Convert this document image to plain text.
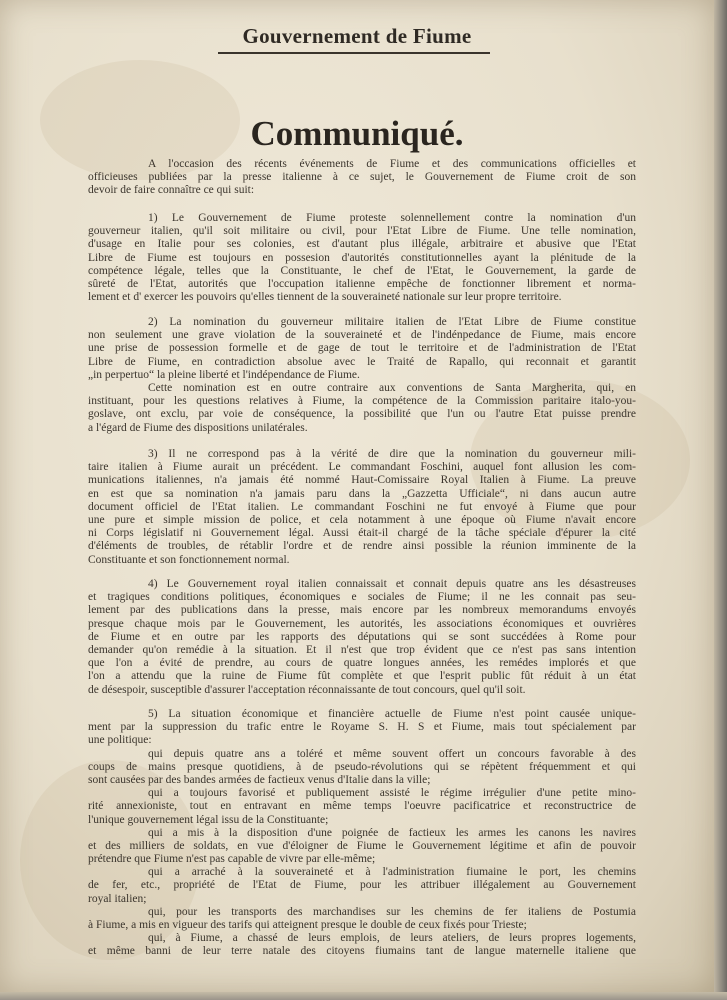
Gouvernement de Fiume
Communiqué.
A l'occasion des récents événements de Fiume et des communications officielles et
officieuses publiées par la presse italienne à ce sujet, le Gouvernement de Fiume croit de son
devoir de faire connaître ce qui suit:
1) Le Gouvernement de Fiume proteste solennellement contre la nomination d'un
gouverneur italien, qu'il soit militaire ou civil, pour l'Etat Libre de Fiume. Une telle nomination,
d'usage en Italie pour ses colonies, est d'autant plus illégale, arbitraire et abusive que l'Etat
Libre de Fiume est toujours en possesion d'autorités constitutionnelles ayant la plénitude de la
compétence légale, telles que la Constituante, le chef de l'Etat, le Gouvernement, la garde de
sûreté de l'Etat, autorités que l'occupation italienne empêche de fonctionner librement et norma-
lement et d' exercer les pouvoirs qu'elles tiennent de la souveraineté nationale sur leur propre territoire.
2) La nomination du gouverneur militaire italien de l'Etat Libre de Fiume constitue
non seulement une grave violation de la souveraineté et de l'indénpedance de Fiume, mais encore
une prise de possession formelle et de gage de tout le territoire et de l'administration de l'Etat
Libre de Fiume, en contradiction absolue avec le Traité de Rapallo, qui reconnait et garantit
„in perpertuo“ la pleine liberté et l'indépendance de Fiume.
Cette nomination est en outre contraire aux conventions de Santa Margherita, qui, en
instituant, pour les questions relatives à Fiume, la compétence de la Commission paritaire italo-you-
goslave, ont exclu, par voie de conséquence, la possibilité que l'un ou l'autre Etat puisse prendre
a l'égard de Fiume des dispositions unilatérales.
3) Il ne correspond pas à la vérité de dire que la nomination du gouverneur mili-
taire italien à Fiume aurait un précédent. Le commandant Foschini, auquel font allusion les com-
munications italiennes, n'a jamais été nommé Haut-Comissaire Royal Italien à Fiume. La preuve
en est que sa nomination n'a jamais paru dans la „Gazzetta Ufficiale“, ni dans aucun autre
document officiel de l'Etat italien. Le commandant Foschini ne fut envoyé à Fiume que pour
une pure et simple mission de police, et cela notamment à une époque où Fiume n'avait encore
ni Corps législatif ni Gouvernement légal. Aussi était-il chargé de la tâche spéciale d'épurer la cité
d'éléments de troubles, de rétablir l'ordre et de rendre ainsi possible la réunion imminente de la
Constituante et son fonctionnement normal.
4) Le Gouvernement royal italien connaissait et connait depuis quatre ans les désastreuses
et tragiques conditions politiques, économiques e sociales de Fiume; il ne les connait pas seu-
lement par des publications dans la presse, mais encore par les nombreux memorandums envoyés
presque chaque mois par le Gouvernement, les autorités, les associations économiques et ouvrières
de Fiume et en outre par les rapports des députations qui se sont succédées à Rome pour
demander qu'on remédie à la situation. Et il n'est que trop évident que ce n'est pas sans intention
que l'on a évité de prendre, au cours de quatre longues années, les remédes implorés et que
l'on a attendu que la ruine de Fiume fût complète et que l'esprit public fût réduit à un état
de désespoir, susceptible d'assurer l'acceptation réconnaissante de tout concours, quel qu'il soit.
5) La situation économique et financière actuelle de Fiume n'est point causée unique-
ment par la suppression du trafic entre le Royame S. H. S et Fiume, mais tout spécialement par
une politique:
qui depuis quatre ans a toléré et même souvent offert un concours favorable à des
coups de mains presque quotidiens, à de pseudo-révolutions qui se répètent fréquemment et qui
sont causées par des bandes armées de factieux venus d'Italie dans la ville;
qui a toujours favorisé et publiquement assisté le régime irrégulier d'une petite mino-
rité annexioniste, tout en entravant en même temps l'oeuvre pacificatrice et reconstructrice de
l'unique gouvernement légal issu de la Constituante;
qui a mis à la disposition d'une poignée de factieux les armes les canons les navires
et des milliers de soldats, en vue d'éloigner de Fiume le Gouvernement légitime et afin de pouvoir
prétendre que Fiume n'est pas capable de vivre par elle-même;
qui a arraché à la souveraineté et à l'administration fiumaine le port, les chemins
de fer, etc., propriété de l'Etat de Fiume, pour les attribuer illégalement au Gouvernement
royal italien;
qui, pour les transports des marchandises sur les chemins de fer italiens de Postumia
à Fiume, a mis en vigueur des tarifs qui atteignent presque le double de ceux fixés pour Trieste;
qui, à Fiume, a chassé de leurs emplois, de leurs ateliers, de leurs propres logements,
et même banni de leur terre natale des citoyens fiumains tant de langue maternelle italiene que
